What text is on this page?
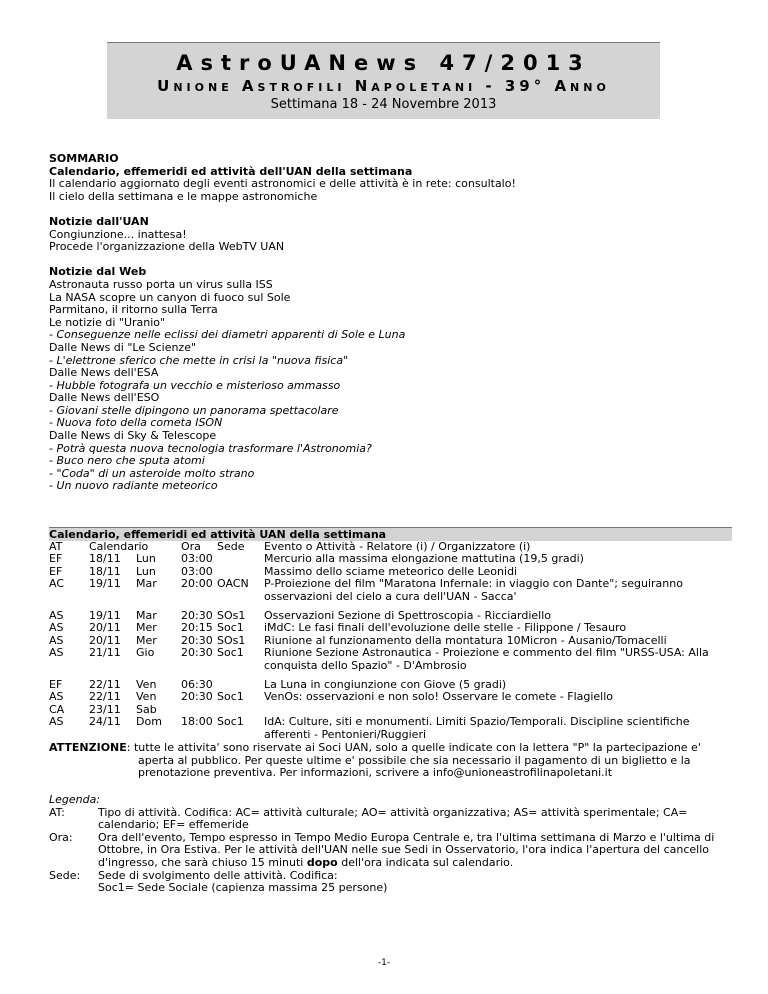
AstroUANews 47/2013
Unione Astrofili Napoletani - 39° Anno
Settimana 18 - 24 Novembre 2013
SOMMARIO
Calendario, effemeridi ed attività dell'UAN della settimana
Il calendario aggiornato degli eventi astronomici e delle attività è in rete: consultalo!
Il cielo della settimana e le mappe astronomiche
Notizie dall'UAN
Congiunzione... inattesa!
Procede l'organizzazione della WebTV UAN
Notizie dal Web
Astronauta russo porta un virus sulla ISS
La NASA scopre un canyon di fuoco sul Sole
Parmitano, il ritorno sulla Terra
Le notizie di "Uranio"
- Conseguenze nelle eclissi dei diametri apparenti di Sole e Luna
Dalle News di "Le Scienze"
- L'elettrone sferico che mette in crisi la "nuova fisica"
Dalle News dell'ESA
- Hubble fotografa un vecchio e misterioso ammasso
Dalle News dell'ESO
- Giovani stelle dipingono un panorama spettacolare
- Nuova foto della cometa ISON
Dalle News di Sky & Telescope
- Potrà questa nuova tecnologia trasformare l'Astronomia?
- Buco nero che sputa atomi
- "Coda" di un asteroide molto strano
- Un nuovo radiante meteorico
Calendario, effemeridi ed attività UAN della settimana
AT	Calendario	Ora	Sede	Evento o Attività - Relatore (i) / Organizzatore (i)
EF	18/11 Lun	03:00		Mercurio alla massima elongazione mattutina (19,5 gradi)
EF	18/11 Lun	03:00		Massimo dello sciame meteorico delle Leonidi
AC	19/11 Mar	20:00	OACN	P-Proiezione del film "Maratona Infernale: in viaggio con Dante"; seguiranno osservazioni del cielo a cura dell'UAN - Sacca'

AS	19/11 Mar	20:30	SOs1	Osservazioni Sezione di Spettroscopia - Ricciardiello
AS	20/11 Mer	20:15	Soc1	iMdC: Le fasi finali dell'evoluzione delle stelle - Filippone / Tesauro
AS	20/11 Mer	20:30	SOs1	Riunione al funzionamento della montatura 10Micron - Ausanio/Tomacelli
AS	21/11 Gio	20:30	Soc1	Riunione Sezione Astronautica - Proiezione e commento del film "URSS-USA: Alla conquista dello Spazio" - D'Ambrosio

EF	22/11 Ven	06:30		La Luna in congiunzione con Giove (5 gradi)
AS	22/11 Ven	20:30	Soc1	VenOs: osservazioni e non solo! Osservare le comete - Flagiello
CA	23/11 Sab			
AS	24/11 Dom	18:00	Soc1	IdA: Culture, siti e monumenti. Limiti Spazio/Temporali. Discipline scientifiche afferenti - Pentonieri/Ruggieri
ATTENZIONE: tutte le attivita' sono riservate ai Soci UAN, solo a quelle indicate con la lettera "P" la partecipazione e' aperta al pubblico. Per queste ultime e' possibile che sia necessario il pagamento di un biglietto e la prenotazione preventiva. Per informazioni, scrivere a info@unioneastrofilinapoletani.it
Legenda:
AT:	Tipo di attività. Codifica: AC= attività culturale; AO= attività organizzativa; AS= attività sperimentale; CA= calendario; EF= effemeride
Ora:	Ora dell'evento, Tempo espresso in Tempo Medio Europa Centrale e, tra l'ultima settimana di Marzo e l'ultima di Ottobre, in Ora Estiva. Per le attività dell'UAN nelle sue Sedi in Osservatorio, l'ora indica l'apertura del cancello d'ingresso, che sarà chiuso 15 minuti dopo dell'ora indicata sul calendario.
Sede:	Sede di svolgimento delle attività. Codifica:
Soc1= Sede Sociale (capienza massima 25 persone)
-1-
